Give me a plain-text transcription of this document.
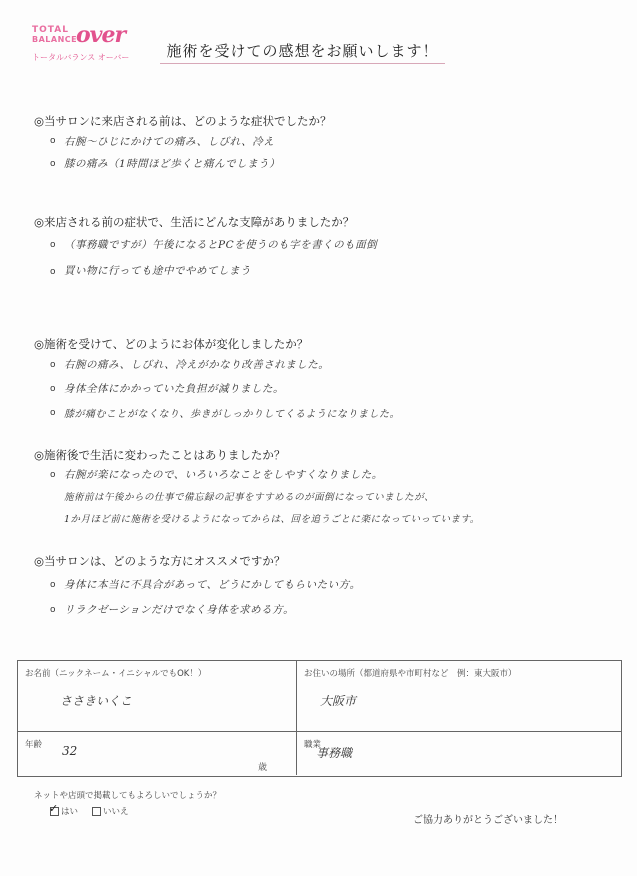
TOTAL
BALANCE
over
トータルバランス オーバー	施術を受けての感想をお願いします！
◎当サロンに来店される前は、どのような症状でしたか？
o 右腕～ひじにかけての痛み、しびれ、冷え
o 膝の痛み（1時間ほど歩くと痛んでしまう）
◎来店される前の症状で、生活にどんな支障がありましたか？
o （事務職ですが）午後になるとPCを使うのも字を書くのも面倒
o 買い物に行っても途中でやめてしまう
◎施術を受けて、どのようにお体が変化しましたか？
o 右腕の痛み、しびれ、冷えがかなり改善されました。
o 身体全体にかかっていた負担が減りました。
o 膝が痛むことがなくなり、歩きがしっかりしてくるようになりました。
◎施術後で生活に変わったことはありましたか？
o 右腕が楽になったので、いろいろなことをしやすくなりました。
施術前は午後からの仕事で備忘録の記事をすすめるのが面倒になっていましたが、
1か月ほど前に施術を受けるようになってからは、回を追うごとに楽になっていっています。
◎当サロンは、どのような方にオススメですか？
o 身体に本当に不具合があって、どうにかしてもらいたい方。
o リラクゼーションだけでなく身体を求める方。
お名前（ニックネーム・イニシャルでもOK！）
ささきいくこ
お住いの場所（都道府県や市町村など　例：東大阪市）
大阪市
年齢 32
歳
職業
事務職
ネットや店頭で掲載してもよろしいでしょうか？
✓はい	いいえ
ご協力ありがとうございました！
